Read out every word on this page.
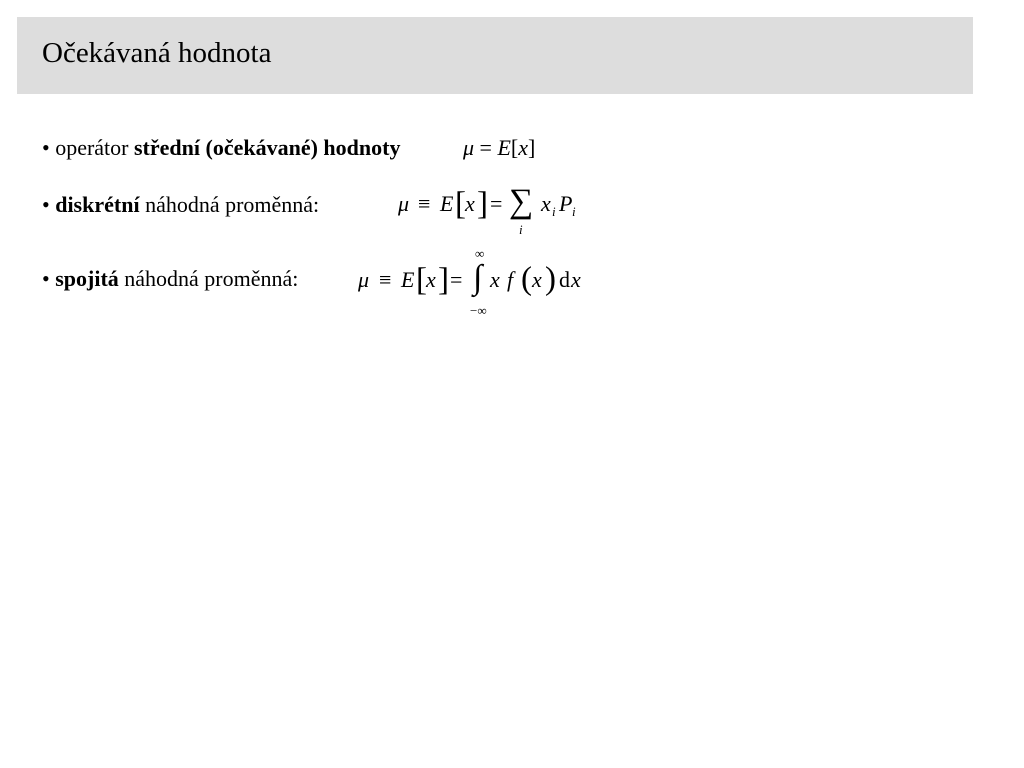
Očekávaná hodnota
• operátor střední (očekávané) hodnoty	μ = E[x]
• diskrétní náhodná proměnná:	μ ≡ E [ x ] = ∑
i
x i P i
• spojitá náhodná proměnná:	μ ≡ E [ x ] =
∞
∫
−∞
x f ( x ) d x
